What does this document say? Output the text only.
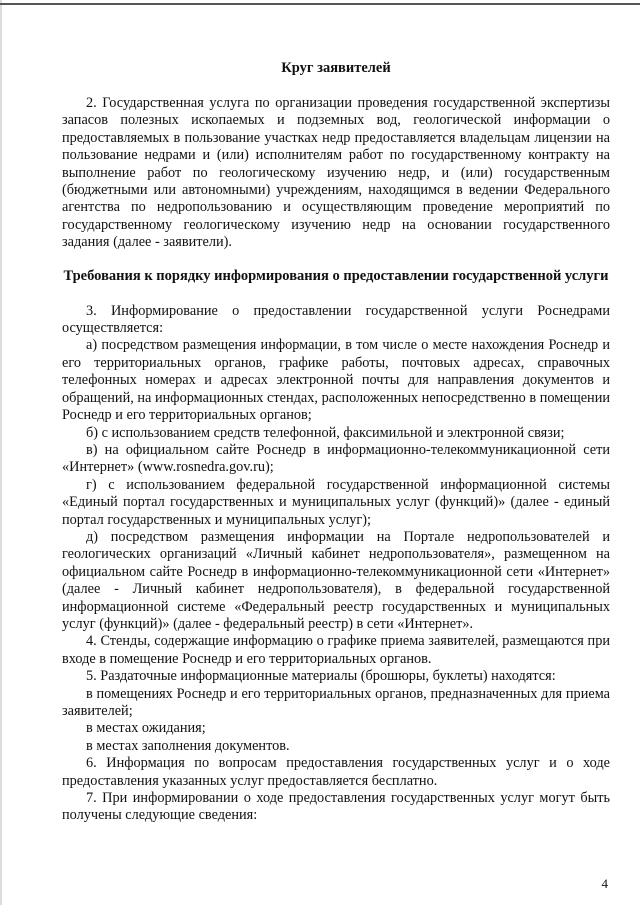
Круг заявителей

2. Государственная услуга по организации проведения государственной экспертизы запасов полезных ископаемых и подземных вод, геологической информации о предоставляемых в пользование участках недр предоставляется владельцам лицензии на пользование недрами и (или) исполнителям работ по государственному контракту на выполнение работ по геологическому изучению недр, и (или) государственным (бюджетными или автономными) учреждениям, находящимся в ведении Федерального агентства по недропользованию и осуществляющим проведение мероприятий по государственному геологическому изучению недр на основании государственного задания (далее - заявители).

Требования к порядку информирования о предоставлении государственной услуги

3. Информирование о предоставлении государственной услуги Роснедрами осуществляется:

а) посредством размещения информации, в том числе о месте нахождения Роснедр и его территориальных органов, графике работы, почтовых адресах, справочных телефонных номерах и адресах электронной почты для направления документов и обращений, на информационных стендах, расположенных непосредственно в помещении Роснедр и его территориальных органов;

б) с использованием средств телефонной, факсимильной и электронной связи;

в) на официальном сайте Роснедр в информационно-телекоммуникационной сети «Интернет» (www.rosnedra.gov.ru);

г) с использованием федеральной государственной информационной системы «Единый портал государственных и муниципальных услуг (функций)» (далее - единый портал государственных и муниципальных услуг);

д) посредством размещения информации на Портале недропользователей и геологических организаций «Личный кабинет недропользователя», размещенном на официальном сайте Роснедр в информационно-телекоммуникационной сети «Интернет» (далее - Личный кабинет недропользователя), в федеральной государственной информационной системе «Федеральный реестр государственных и муниципальных услуг (функций)» (далее - федеральный реестр) в сети «Интернет».

4. Стенды, содержащие информацию о графике приема заявителей, размещаются при входе в помещение Роснедр и его территориальных органов.

5. Раздаточные информационные материалы (брошюры, буклеты) находятся:

в помещениях Роснедр и его территориальных органов, предназначенных для приема заявителей;

в местах ожидания;

в местах заполнения документов.

6. Информация по вопросам предоставления государственных услуг и о ходе предоставления указанных услуг предоставляется бесплатно.

7. При информировании о ходе предоставления государственных услуг могут быть получены следующие сведения:

4
